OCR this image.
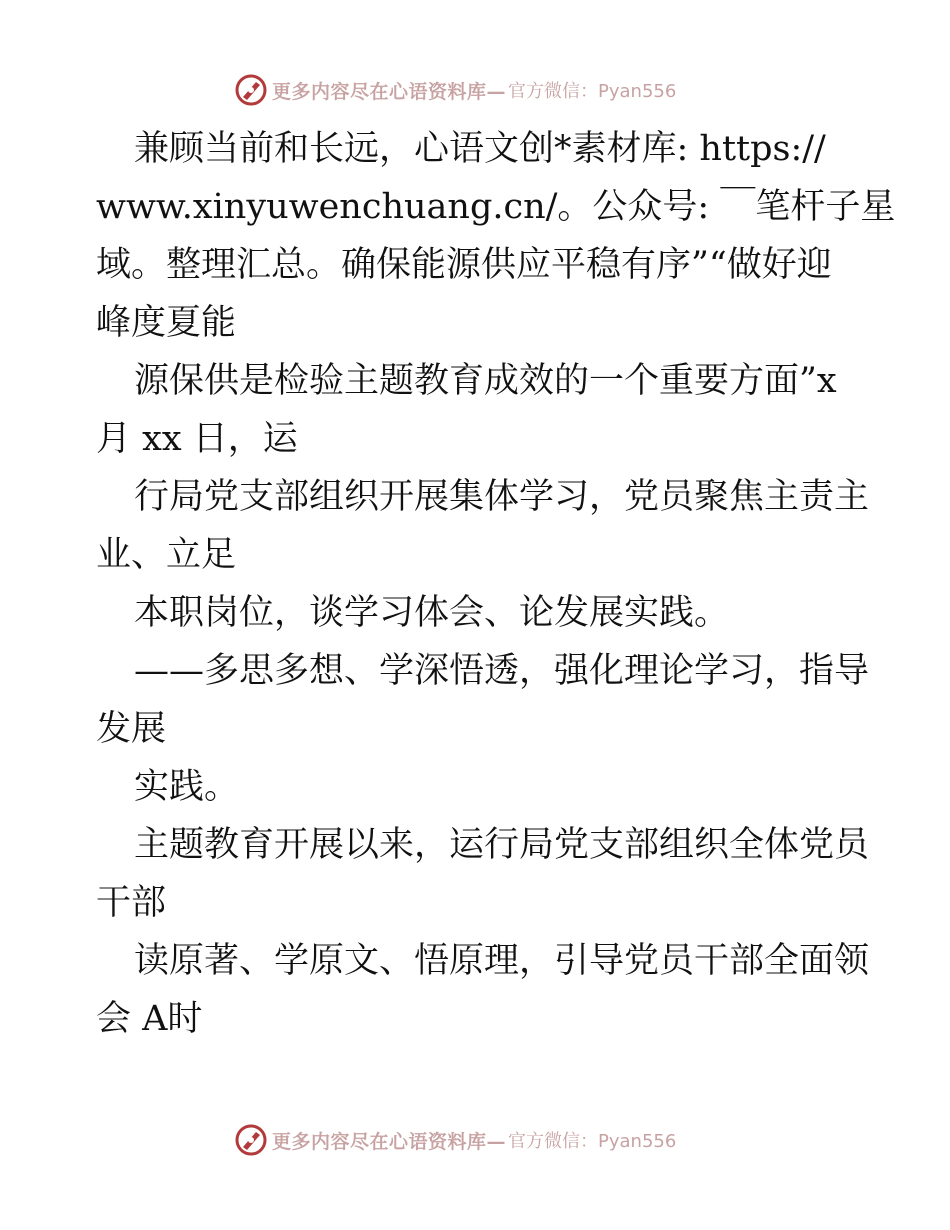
更多内容尽在心语资料库— 官方微信：Pyan556
兼顾当前和长远，心语文创*素材库: https://
www.xinyuwenchuang.cn/。公众号: ￣笔杆子星
域。整理汇总。确保能源供应平稳有序”“做好迎
峰度夏能
源保供是检验主题教育成效的一个重要方面”x
月 xx 日，运
行局党支部组织开展集体学习，党员聚焦主责主
业、立足
本职岗位，谈学习体会、论发展实践。
——多思多想、学深悟透，强化理论学习，指导
发展
实践。
主题教育开展以来，运行局党支部组织全体党员
干部
读原著、学原文、悟原理，引导党员干部全面领
会 A时
更多内容尽在心语资料库— 官方微信：Pyan556
